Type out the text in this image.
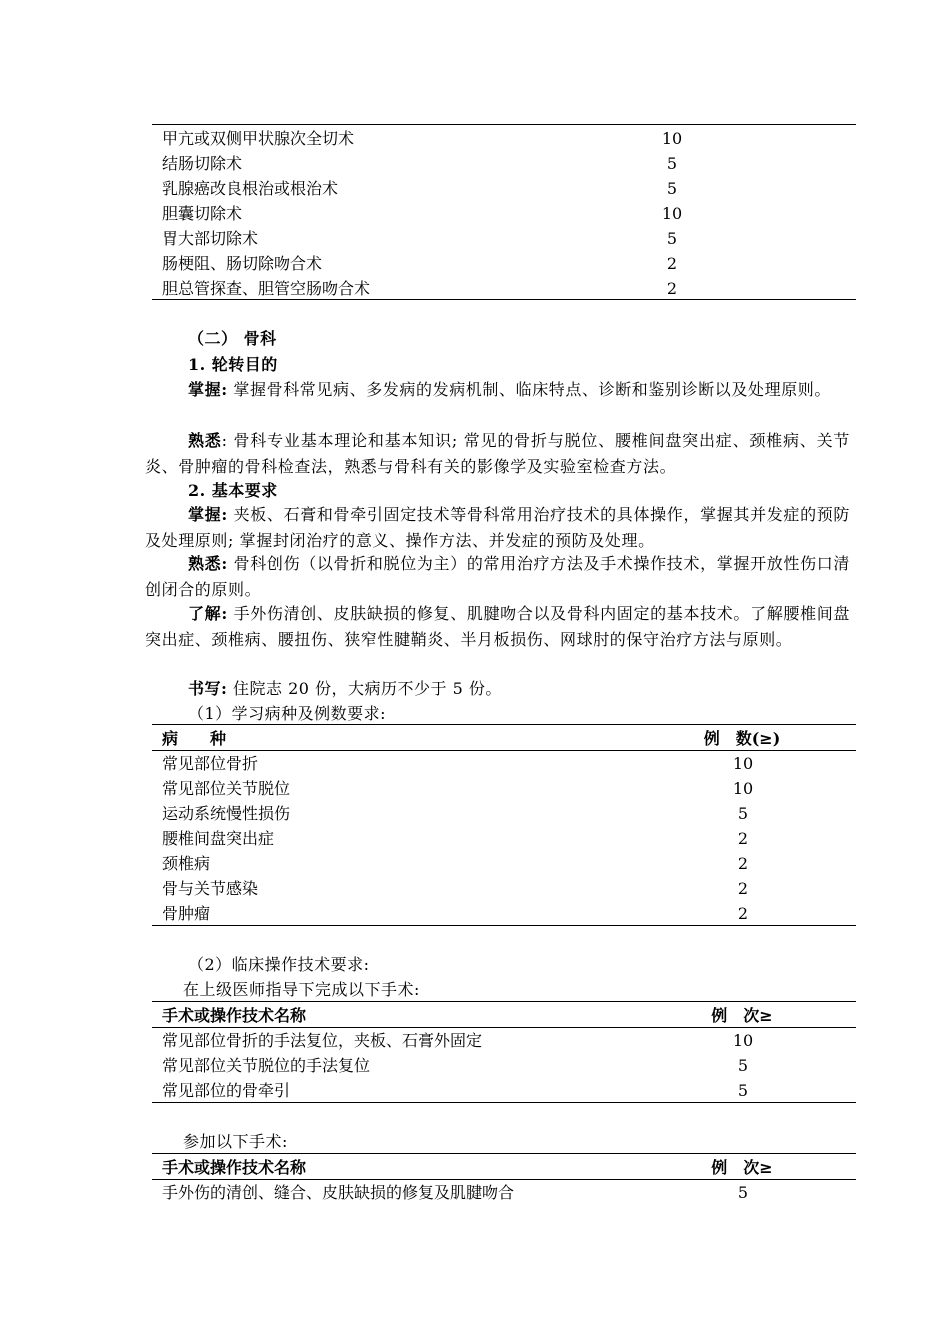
甲亢或双侧甲状腺次全切术	10
结肠切除术	5
乳腺癌改良根治或根治术	5
胆囊切除术	10
胃大部切除术	5
肠梗阻、肠切除吻合术	2
胆总管探查、胆管空肠吻合术	2
（二） 骨科
1. 轮转目的
掌握: 掌握骨科常见病、多发病的发病机制、临床特点、诊断和鉴别诊断以及处理原则。
熟悉: 骨科专业基本理论和基本知识; 常见的骨折与脱位、腰椎间盘突出症、颈椎病、关节炎、骨肿瘤的骨科检查法，熟悉与骨科有关的影像学及实验室检查方法。
2. 基本要求
掌握: 夹板、石膏和骨牵引固定技术等骨科常用治疗技术的具体操作，掌握其并发症的预防及处理原则; 掌握封闭治疗的意义、操作方法、并发症的预防及处理。
熟悉: 骨科创伤（以骨折和脱位为主）的常用治疗方法及手术操作技术，掌握开放性伤口清创闭合的原则。
了解: 手外伤清创、皮肤缺损的修复、肌腱吻合以及骨科内固定的基本技术。了解腰椎间盘突出症、颈椎病、腰扭伤、狭窄性腱鞘炎、半月板损伤、网球肘的保守治疗方法与原则。
书写: 住院志 20 份，大病历不少于 5 份。
（1）学习病种及例数要求:
病　　种	例　数(≥)
常见部位骨折	10
常见部位关节脱位	10
运动系统慢性损伤	5
腰椎间盘突出症	2
颈椎病	2
骨与关节感染	2
骨肿瘤	2
（2）临床操作技术要求:
在上级医师指导下完成以下手术:
手术或操作技术名称	例　次≥
常见部位骨折的手法复位，夹板、石膏外固定	10
常见部位关节脱位的手法复位	5
常见部位的骨牵引	5
参加以下手术:
手术或操作技术名称	例　次≥
手外伤的清创、缝合、皮肤缺损的修复及肌腱吻合	5
